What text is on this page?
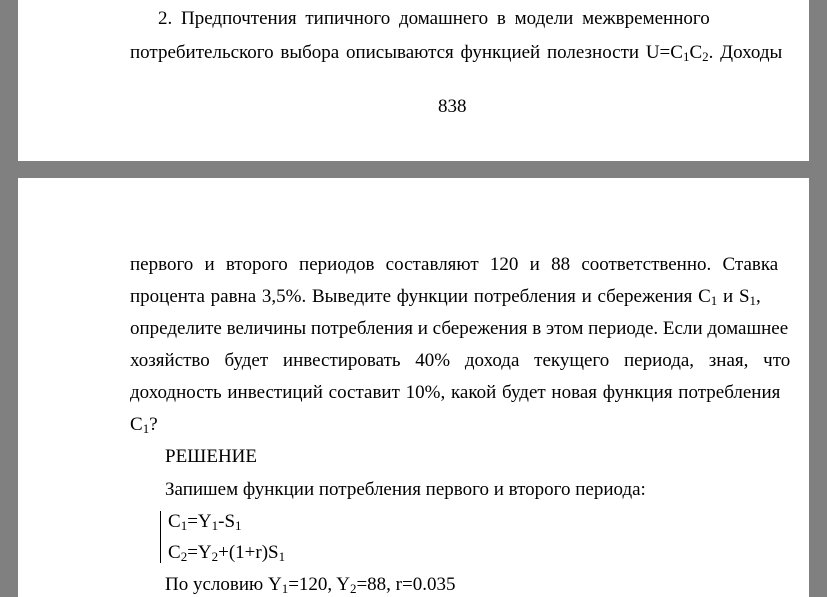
2. Предпочтения типичного домашнего в модели межвременного
потребительского выбора описываются функцией полезности $U=C_1C_2$. Доходы
838
первого и второго периодов составляют 120 и 88 соответственно. Ставка
процента равна 3,5%. Выведите функции потребления и сбережения $C_1$ и $S_1$,
определите величины потребления и сбережения в этом периоде. Если домашнее
хозяйство будет инвестировать 40% дохода текущего периода, зная, что
доходность инвестиций составит 10%, какой будет новая функция потребления
$C_1$?
РЕШЕНИЕ
Запишем функции потребления первого и второго периода:
$C_1=Y_1-S_1$
$C_2=Y_2+(1+r)S_1$
По условию $Y_1=120$, $Y_2=88$, r=0.035
